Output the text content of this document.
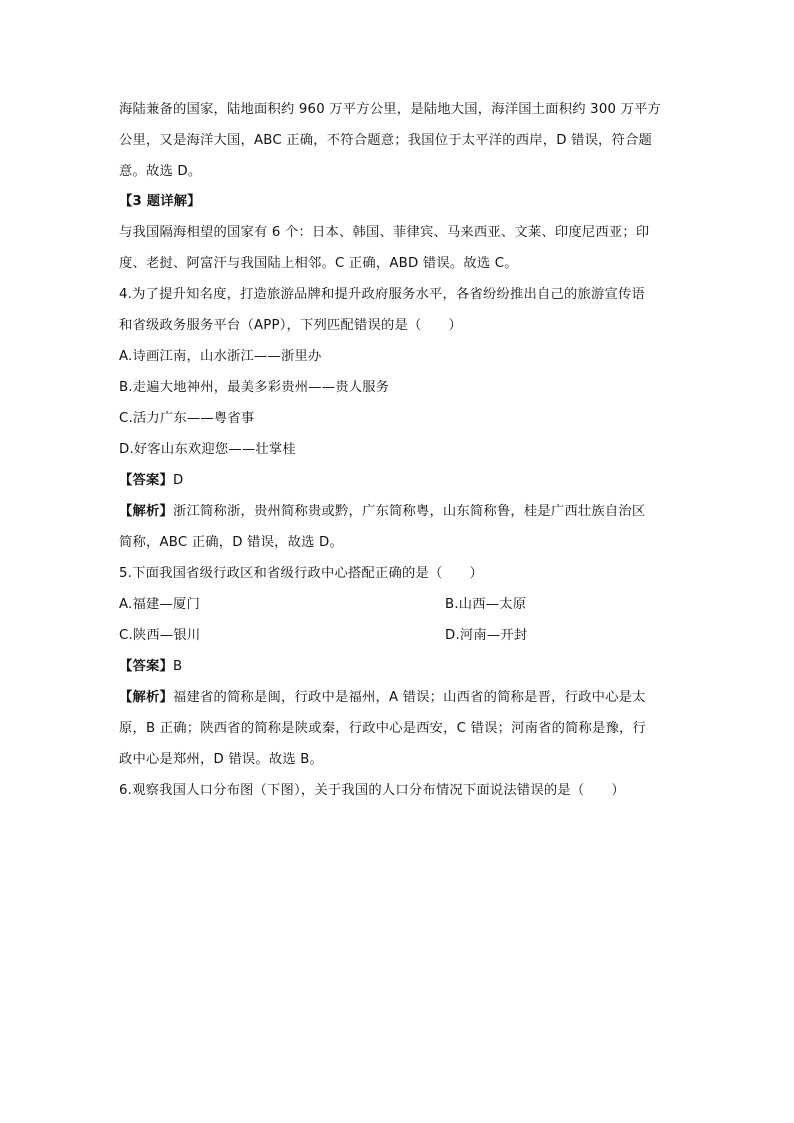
海陆兼备的国家，陆地面积约 960 万平方公里，是陆地大国，海洋国土面积约 300 万平方
公里，又是海洋大国，ABC 正确，不符合题意；我国位于太平洋的西岸，D 错误，符合题
意。故选 D。
【3 题详解】
与我国隔海相望的国家有 6 个：日本、韩国、菲律宾、马来西亚、文莱、印度尼西亚；印
度、老挝、阿富汗与我国陆上相邻。C 正确，ABD 错误。故选 C。
4.为了提升知名度，打造旅游品牌和提升政府服务水平，各省纷纷推出自己的旅游宣传语
和省级政务服务平台（APP），下列匹配错误的是（　　）
A.诗画江南，山水浙江——浙里办
B.走遍大地神州，最美多彩贵州——贵人服务
C.活力广东——粤省事
D.好客山东欢迎您——壮掌桂
【答案】D
【解析】浙江简称浙，贵州简称贵或黔，广东简称粤，山东简称鲁，桂是广西壮族自治区
简称，ABC 正确，D 错误，故选 D。
5.下面我国省级行政区和省级行政中心搭配正确的是（　　）
A.福建—厦门	B.山西—太原
C.陕西—银川	D.河南—开封
【答案】B
【解析】福建省的简称是闽，行政中是福州，A 错误；山西省的简称是晋，行政中心是太
原，B 正确；陕西省的简称是陕或秦，行政中心是西安，C 错误；河南省的简称是豫，行
政中心是郑州，D 错误。故选 B。
6.观察我国人口分布图（下图），关于我国的人口分布情况下面说法错误的是（　　）
